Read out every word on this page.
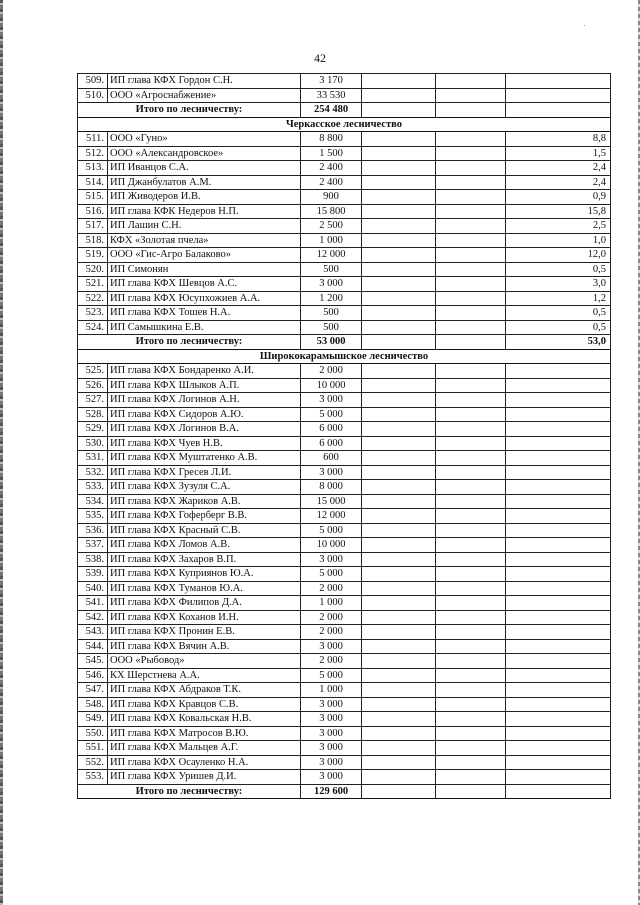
42
509.	ИП глава КФХ Гордон С.Н.	3 170			
510.	ООО «Агроснабжение»	33 530			
Итого по лесничеству:		254 480			
Черкасское лесничество					
511.	ООО «Гуно»	8 800			8,8
512.	ООО «Александровское»	1 500			1,5
513.	ИП Иванцов С.А.	2 400			2,4
514.	ИП Джанбулатов А.М.	2 400			2,4
515.	ИП Живодеров И.В.	900			0,9
516.	ИП глава КФК Недеров Н.П.	15 800			15,8
517.	ИП Лашин С.Н.	2 500			2,5
518.	КФХ «Золотая пчела»	1 000			1,0
519.	ООО «Гис-Агро Балаково»	12 000			12,0
520.	ИП Симонян	500			0,5
521.	ИП глава КФХ Шевцов А.С.	3 000			3,0
522.	ИП глава КФХ Юсупхожиев А.А.	1 200			1,2
523.	ИП глава КФХ Тошев Н.А.	500			0,5
524.	ИП Самышкина Е.В.	500			0,5
Итого по лесничеству:		53 000			53,0
Ширококарамышское лесничество					
525.	ИП глава КФХ Бондаренко А.И.	2 000			
526.	ИП глава КФХ Шлыков А.П.	10 000			
527.	ИП глава КФХ Логинов А.Н.	3 000			
528.	ИП глава КФХ Сидоров А.Ю.	5 000			
529.	ИП глава КФХ Логинов В.А.	6 000			
530.	ИП глава КФХ Чуев Н.В.	6 000			
531.	ИП глава КФХ Муштатенко А.В.	600			
532.	ИП глава КФХ Гресев Л.И.	3 000			
533.	ИП глава КФХ Зузуля С.А.	8 000			
534.	ИП глава КФХ Жариков А.В.	15 000			
535.	ИП глава КФХ Гоферберг В.В.	12 000			
536.	ИП глава КФХ Красный С.В.	5 000			
537.	ИП глава КФХ Ломов А.В.	10 000			
538.	ИП глава КФХ Захаров В.П.	3 000			
539.	ИП глава КФХ Куприянов Ю.А.	5 000			
540.	ИП глава КФХ Туманов Ю.А.	2 000			
541.	ИП глава КФХ Филипов Д.А.	1 000			
542.	ИП глава КФХ Коханов И.Н.	2 000			
543.	ИП глава КФХ Пронин Е.В.	2 000			
544.	ИП глава КФХ Вячин А.В.	3 000			
545.	ООО «Рыбовод»	2 000			
546.	КХ Шерстнева А.А.	5 000			
547.	ИП глава КФХ Абдраков Т.К.	1 000			
548.	ИП глава КФХ Кравцов С.В.	3 000			
549.	ИП глава КФХ Ковальская Н.В.	3 000			
550.	ИП глава КФХ Матросов В.Ю.	3 000			
551.	ИП глава КФХ Мальцев А.Г.	3 000			
552.	ИП глава КФХ Осауленко Н.А.	3 000			
553.	ИП глава КФХ Уришев Д.И.	3 000			
Итого по лесничеству:		129 600			
